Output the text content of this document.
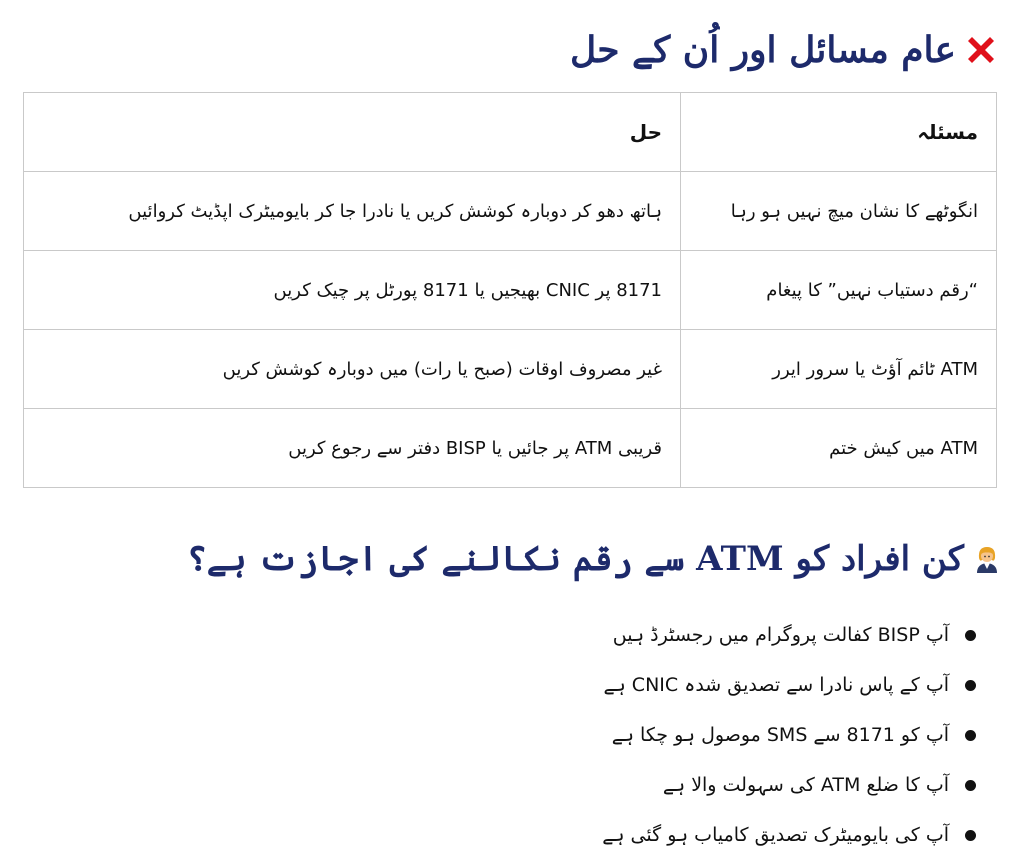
عام مسائل اور اُن کے حل
مسئلہ	حل
انگوٹھے کا نشان میچ نہیں ہو رہا	ہاتھ دھو کر دوبارہ کوشش کریں یا نادرا جا کر بایومیٹرک اپڈیٹ کروائیں
“رقم دستیاب نہیں” کا پیغام	8171 پر CNIC بھیجیں یا 8171 پورٹل پر چیک کریں
ATM ٹائم آؤٹ یا سرور ایرر	غیر مصروف اوقات (صبح یا رات) میں دوبارہ کوشش کریں
ATM میں کیش ختم	قریبی ATM پر جائیں یا BISP دفتر سے رجوع کریں
کن افراد کو ATM سے رقم نکالنے کی اجازت ہے؟
آپ BISP کفالت پروگرام میں رجسٹرڈ ہیں
آپ کے پاس نادرا سے تصدیق شدہ CNIC ہے
آپ کو 8171 سے SMS موصول ہو چکا ہے
آپ کا ضلع ATM کی سہولت والا ہے
آپ کی بایومیٹرک تصدیق کامیاب ہو گئی ہے
